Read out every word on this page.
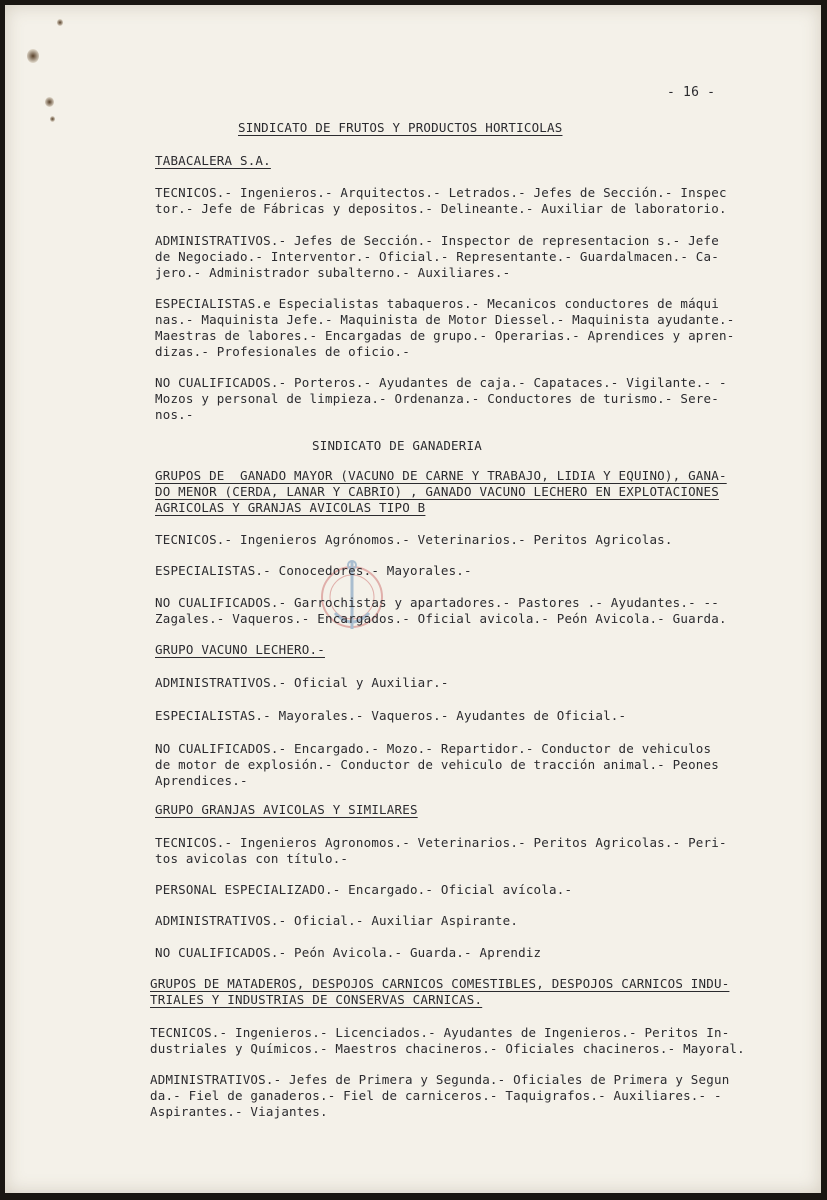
- 16 -
SINDICATO DE FRUTOS Y PRODUCTOS HORTICOLAS
TABACALERA S.A.
TECNICOS.- Ingenieros.- Arquitectos.- Letrados.- Jefes de Sección.- Inspec
tor.- Jefe de Fábricas y depositos.- Delineante.- Auxiliar de laboratorio.
ADMINISTRATIVOS.- Jefes de Sección.- Inspector de representacion s.- Jefe
de Negociado.- Interventor.- Oficial.- Representante.- Guardalmacen.- Ca-
jero.- Administrador subalterno.- Auxiliares.-
ESPECIALISTAS.e Especialistas tabaqueros.- Mecanicos conductores de máqui
nas.- Maquinista Jefe.- Maquinista de Motor Diessel.- Maquinista ayudante.-
Maestras de labores.- Encargadas de grupo.- Operarias.- Aprendices y apren-
dizas.- Profesionales de oficio.-
NO CUALIFICADOS.- Porteros.- Ayudantes de caja.- Capataces.- Vigilante.- -
Mozos y personal de limpieza.- Ordenanza.- Conductores de turismo.- Sere-
nos.-
SINDICATO DE GANADERIA
GRUPOS DE  GANADO MAYOR (VACUNO DE CARNE Y TRABAJO, LIDIA Y EQUINO), GANA-
DO MENOR (CERDA, LANAR Y CABRIO) , GANADO VACUNO LECHERO EN EXPLOTACIONES
AGRICOLAS Y GRANJAS AVICOLAS TIPO B
TECNICOS.- Ingenieros Agrónomos.- Veterinarios.- Peritos Agricolas.
ESPECIALISTAS.- Conocedores.- Mayorales.-
NO CUALIFICADOS.- Garrochistas y apartadores.- Pastores .- Ayudantes.- --
Zagales.- Vaqueros.- Encargados.- Oficial avicola.- Peón Avicola.- Guarda.
GRUPO VACUNO LECHERO.-
ADMINISTRATIVOS.- Oficial y Auxiliar.-
ESPECIALISTAS.- Mayorales.- Vaqueros.- Ayudantes de Oficial.-
NO CUALIFICADOS.- Encargado.- Mozo.- Repartidor.- Conductor de vehiculos
de motor de explosión.- Conductor de vehiculo de tracción animal.- Peones
Aprendices.-
GRUPO GRANJAS AVICOLAS Y SIMILARES
TECNICOS.- Ingenieros Agronomos.- Veterinarios.- Peritos Agricolas.- Peri-
tos avicolas con título.-
PERSONAL ESPECIALIZADO.- Encargado.- Oficial avícola.-
ADMINISTRATIVOS.- Oficial.- Auxiliar Aspirante.
NO CUALIFICADOS.- Peón Avicola.- Guarda.- Aprendiz
GRUPOS DE MATADEROS, DESPOJOS CARNICOS COMESTIBLES, DESPOJOS CARNICOS INDU-
TRIALES Y INDUSTRIAS DE CONSERVAS CARNICAS.
TECNICOS.- Ingenieros.- Licenciados.- Ayudantes de Ingenieros.- Peritos In-
dustriales y Químicos.- Maestros chacineros.- Oficiales chacineros.- Mayoral.
ADMINISTRATIVOS.- Jefes de Primera y Segunda.- Oficiales de Primera y Segun
da.- Fiel de ganaderos.- Fiel de carniceros.- Taquigrafos.- Auxiliares.- -
Aspirantes.- Viajantes.
